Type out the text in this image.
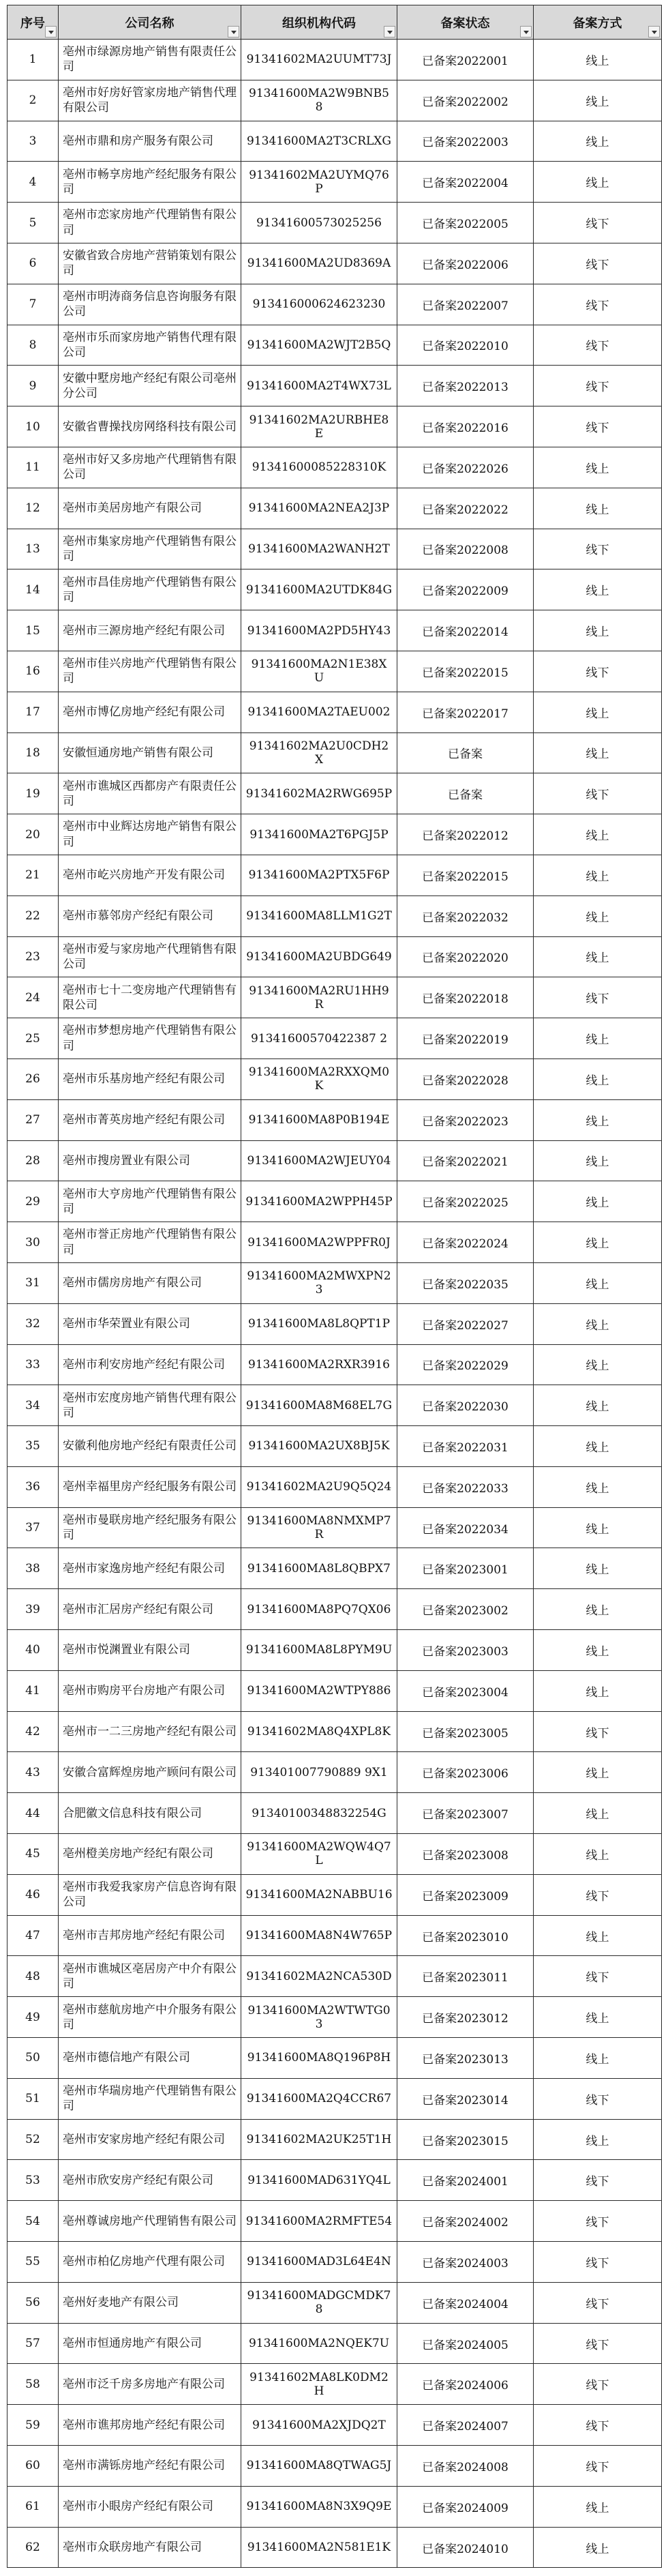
序号	公司名称	组织机构代码	备案状态	备案方式

1	亳州市绿源房地产销售有限责任公司	91341602MA2UUMT73J	已备案2022001	线上
2	亳州市好房好管家房地产销售代理有限公司	91341600MA2W9BNB58	已备案2022002	线上
3	亳州市鼎和房产服务有限公司	91341600MA2T3CRLXG	已备案2022003	线上
4	亳州市畅享房地产经纪服务有限公司	91341602MA2UYMQ76P	已备案2022004	线上
5	亳州市恋家房地产代理销售有限公司	91341600573025256	已备案2022005	线下
6	安徽省致合房地产营销策划有限公司	91341600MA2UD8369A	已备案2022006	线下
7	亳州市明涛商务信息咨询服务有限公司	913416000624623230	已备案2022007	线下
8	亳州市乐而家房地产销售代理有限公司	91341600MA2WJT2B5Q	已备案2022010	线下
9	安徽中墅房地产经纪有限公司亳州分公司	91341600MA2T4WX73L	已备案2022013	线下
10	安徽省曹操找房网络科技有限公司	91341602MA2URBHE8E	已备案2022016	线下
11	亳州市好又多房地产代理销售有限公司	91341600085228310K	已备案2022026	线上
12	亳州市美居房地产有限公司	91341600MA2NEA2J3P	已备案2022022	线上
13	亳州市集家房地产代理销售有限公司	91341600MA2WANH2T	已备案2022008	线下
14	亳州市昌佳房地产代理销售有限公司	91341600MA2UTDK84G	已备案2022009	线上
15	亳州市三源房地产经纪有限公司	91341600MA2PD5HY43	已备案2022014	线上
16	亳州市佳兴房地产代理销售有限公司	91341600MA2N1E38X U	已备案2022015	线下
17	亳州市博亿房地产经纪有限公司	91341600MA2TAEU002	已备案2022017	线上
18	安徽恒通房地产销售有限公司	91341602MA2U0CDH2X	已备案	线上
19	亳州市谯城区西都房产有限责任公司	91341602MA2RWG695P	已备案	线下
20	亳州市中业辉达房地产销售有限公司	91341600MA2T6PGJ5P	已备案2022012	线上
21	亳州市屹兴房地产开发有限公司	91341600MA2PTX5F6P	已备案2022015	线上
22	亳州市慕邻房产经纪有限公司	91341600MA8LLM1G2T	已备案2022032	线上
23	亳州市爱与家房地产代理销售有限公司	91341600MA2UBDG649	已备案2022020	线上
24	亳州市七十二变房地产代理销售有限公司	91341600MA2RU1HH9R	已备案2022018	线下
25	亳州市梦想房地产代理销售有限公司	91341600570422387 2	已备案2022019	线上
26	亳州市乐基房地产经纪有限公司	91341600MA2RXXQM0K	已备案2022028	线上
27	亳州市菁英房地产经纪有限公司	91341600MA8P0B194E	已备案2022023	线上
28	亳州市搜房置业有限公司	91341600MA2WJEUY04	已备案2022021	线上
29	亳州市大亨房地产代理销售有限公司	91341600MA2WPPH45P	已备案2022025	线上
30	亳州市誉正房地产代理销售有限公司	91341600MA2WPPFR0J	已备案2022024	线上
31	亳州市儒房房地产有限公司	91341600MA2MWXPN23	已备案2022035	线上
32	亳州市华荣置业有限公司	91341600MA8L8QPT1P	已备案2022027	线上
33	亳州市利安房地产经纪有限公司	91341600MA2RXR3916	已备案2022029	线上
34	亳州市宏度房地产销售代理有限公司	91341600MA8M68EL7G	已备案2022030	线上
35	安徽利他房地产经纪有限责任公司	91341600MA2UX8BJ5K	已备案2022031	线上
36	亳州幸福里房产经纪服务有限公司	91341602MA2U9Q5Q24	已备案2022033	线上
37	亳州市曼联房地产经纪服务有限公司	91341600MA8NMXMP7R	已备案2022034	线上
38	亳州市家逸房地产经纪有限公司	91341600MA8L8QBPX7	已备案2023001	线上
39	亳州市汇居房产经纪有限公司	91341600MA8PQ7QX06	已备案2023002	线上
40	亳州市悦渊置业有限公司	91341600MA8L8PYM9U	已备案2023003	线上
41	亳州市购房平台房地产有限公司	91341600MA2WTPY886	已备案2023004	线上
42	亳州市一二三房地产经纪有限公司	91341602MA8Q4XPL8K	已备案2023005	线下
43	安徽合富辉煌房地产顾问有限公司	913401007790889 9X1	已备案2023006	线上
44	合肥徽文信息科技有限公司	91340100348832254G	已备案2023007	线上
45	亳州橙美房地产经纪有限公司	91341600MA2WQW4Q7L	已备案2023008	线上
46	亳州市我爱我家房产信息咨询有限公司	91341600MA2NABBU16	已备案2023009	线下
47	亳州市吉邦房地产经纪有限公司	91341600MA8N4W765P	已备案2023010	线上
48	亳州市谯城区亳居房产中介有限公司	91341602MA2NCA530D	已备案2023011	线下
49	亳州市慈航房地产中介服务有限公司	91341600MA2WTWTG03	已备案2023012	线上
50	亳州市德信地产有限公司	91341600MA8Q196P8H	已备案2023013	线上
51	亳州市华瑞房地产代理销售有限公司	91341600MA2Q4CCR67	已备案2023014	线下
52	亳州市安家房地产经纪有限公司	91341602MA2UK25T1H	已备案2023015	线上
53	亳州市欣安房产经纪有限公司	91341600MAD631YQ4L	已备案2024001	线下
54	亳州尊诚房地产代理销售有限公司	91341600MA2RMFTE54	已备案2024002	线下
55	亳州市柏亿房地产代理有限公司	91341600MAD3L64E4N	已备案2024003	线下
56	亳州好麦地产有限公司	91341600MADGCMDK78	已备案2024004	线下
57	亳州市恒通房地产有限公司	91341600MA2NQEK7U	已备案2024005	线下
58	亳州市泛千房多房地产有限公司	91341602MA8LK0DM2H	已备案2024006	线下
59	亳州市谯邦房地产经纪有限公司	91341600MA2XJDQ2T	已备案2024007	线下
60	亳州市满铄房地产经纪有限公司	91341600MA8QTWAG5J	已备案2024008	线下
61	亳州市小眼房产经纪有限公司	91341600MA8N3X9Q9E	已备案2024009	线上
62	亳州市众联房地产有限公司	91341600MA2N581E1K	已备案2024010	线上
